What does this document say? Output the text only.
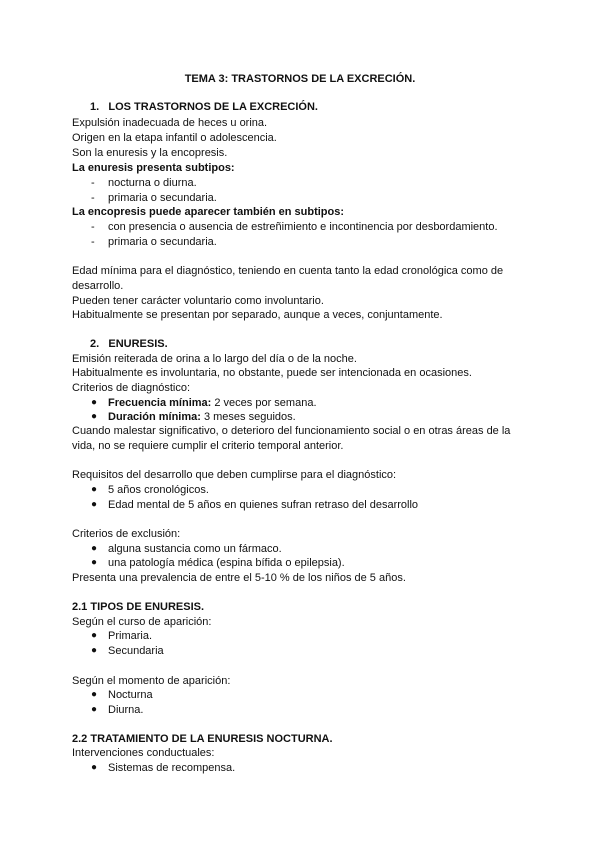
TEMA 3: TRASTORNOS DE LA EXCRECIÓN.
1. LOS TRASTORNOS DE LA EXCRECIÓN.
Expulsión inadecuada de heces u orina.
Origen en la etapa infantil o adolescencia.
Son la enuresis y la encopresis.
La enuresis presenta subtipos:
- nocturna o diurna.
- primaria o secundaria.
La encopresis puede aparecer también en subtipos:
- con presencia o ausencia de estreñimiento e incontinencia por desbordamiento.
- primaria o secundaria.
Edad mínima para el diagnóstico, teniendo en cuenta tanto la edad cronológica como de
desarrollo.
Pueden tener carácter voluntario como involuntario.
Habitualmente se presentan por separado, aunque a veces, conjuntamente.
2. ENURESIS.
Emisión reiterada de orina a lo largo del día o de la noche.
Habitualmente es involuntaria, no obstante, puede ser intencionada en ocasiones.
Criterios de diagnóstico:
● Frecuencia mínima: 2 veces por semana.
● Duración mínima: 3 meses seguidos.
Cuando malestar significativo, o deterioro del funcionamiento social o en otras áreas de la
vida, no se requiere cumplir el criterio temporal anterior.
Requisitos del desarrollo que deben cumplirse para el diagnóstico:
● 5 años cronológicos.
● Edad mental de 5 años en quienes sufran retraso del desarrollo
Criterios de exclusión:
● alguna sustancia como un fármaco.
● una patología médica (espina bífida o epilepsia).
Presenta una prevalencia de entre el 5-10 % de los niños de 5 años.
2.1 TIPOS DE ENURESIS.
Según el curso de aparición:
● Primaria.
● Secundaria
Según el momento de aparición:
● Nocturna
● Diurna.
2.2 TRATAMIENTO DE LA ENURESIS NOCTURNA.
Intervenciones conductuales:
● Sistemas de recompensa.
